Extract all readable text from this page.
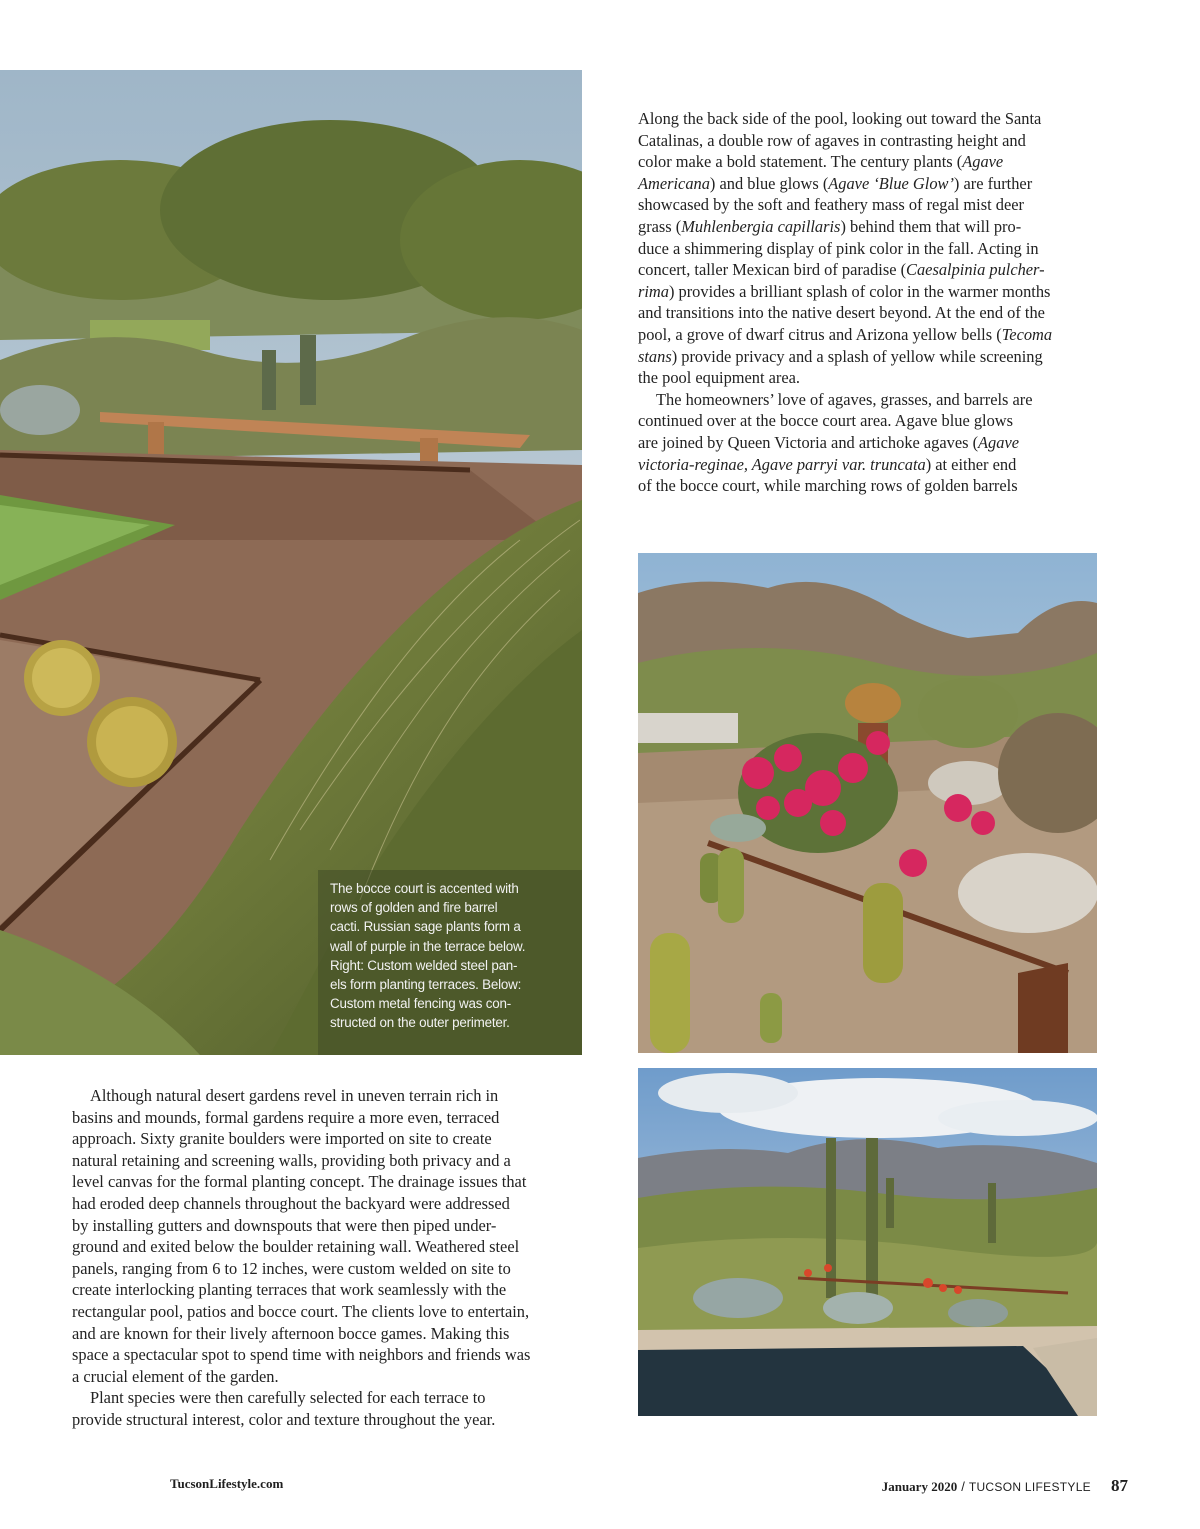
The bocce court is accented with
rows of golden and fire barrel
cacti. Russian sage plants form a
wall of purple in the terrace below.
Right: Custom welded steel pan-
els form planting terraces. Below:
Custom metal fencing was con-
structed on the outer perimeter.
Along the back side of the pool, looking out toward the Santa
Catalinas, a double row of agaves in contrasting height and
color make a bold statement. The century plants (Agave
Americana) and blue glows (Agave ‘Blue Glow’) are further
showcased by the soft and feathery mass of regal mist deer
grass (Muhlenbergia capillaris) behind them that will pro-
duce a shimmering display of pink color in the fall. Acting in
concert, taller Mexican bird of paradise (Caesalpinia pulcher-
rima) provides a brilliant splash of color in the warmer months
and transitions into the native desert beyond. At the end of the
pool, a grove of dwarf citrus and Arizona yellow bells (Tecoma
stans) provide privacy and a splash of yellow while screening
the pool equipment area.
The homeowners’ love of agaves, grasses, and barrels are
continued over at the bocce court area. Agave blue glows
are joined by Queen Victoria and artichoke agaves (Agave
victoria-reginae, Agave parryi var. truncata) at either end
of the bocce court, while marching rows of golden barrels
Although natural desert gardens revel in uneven terrain rich in
basins and mounds, formal gardens require a more even, terraced
approach. Sixty granite boulders were imported on site to create
natural retaining and screening walls, providing both privacy and a
level canvas for the formal planting concept. The drainage issues that
had eroded deep channels throughout the backyard were addressed
by installing gutters and downspouts that were then piped under-
ground and exited below the boulder retaining wall. Weathered steel
panels, ranging from 6 to 12 inches, were custom welded on site to
create interlocking planting terraces that work seamlessly with the
rectangular pool, patios and bocce court. The clients love to entertain,
and are known for their lively afternoon bocce games. Making this
space a spectacular spot to spend time with neighbors and friends was
a crucial element of the garden.
Plant species were then carefully selected for each terrace to
provide structural interest, color and texture throughout the year.
TucsonLifestyle.com	January 2020 / TUCSON LIFESTYLE 87
